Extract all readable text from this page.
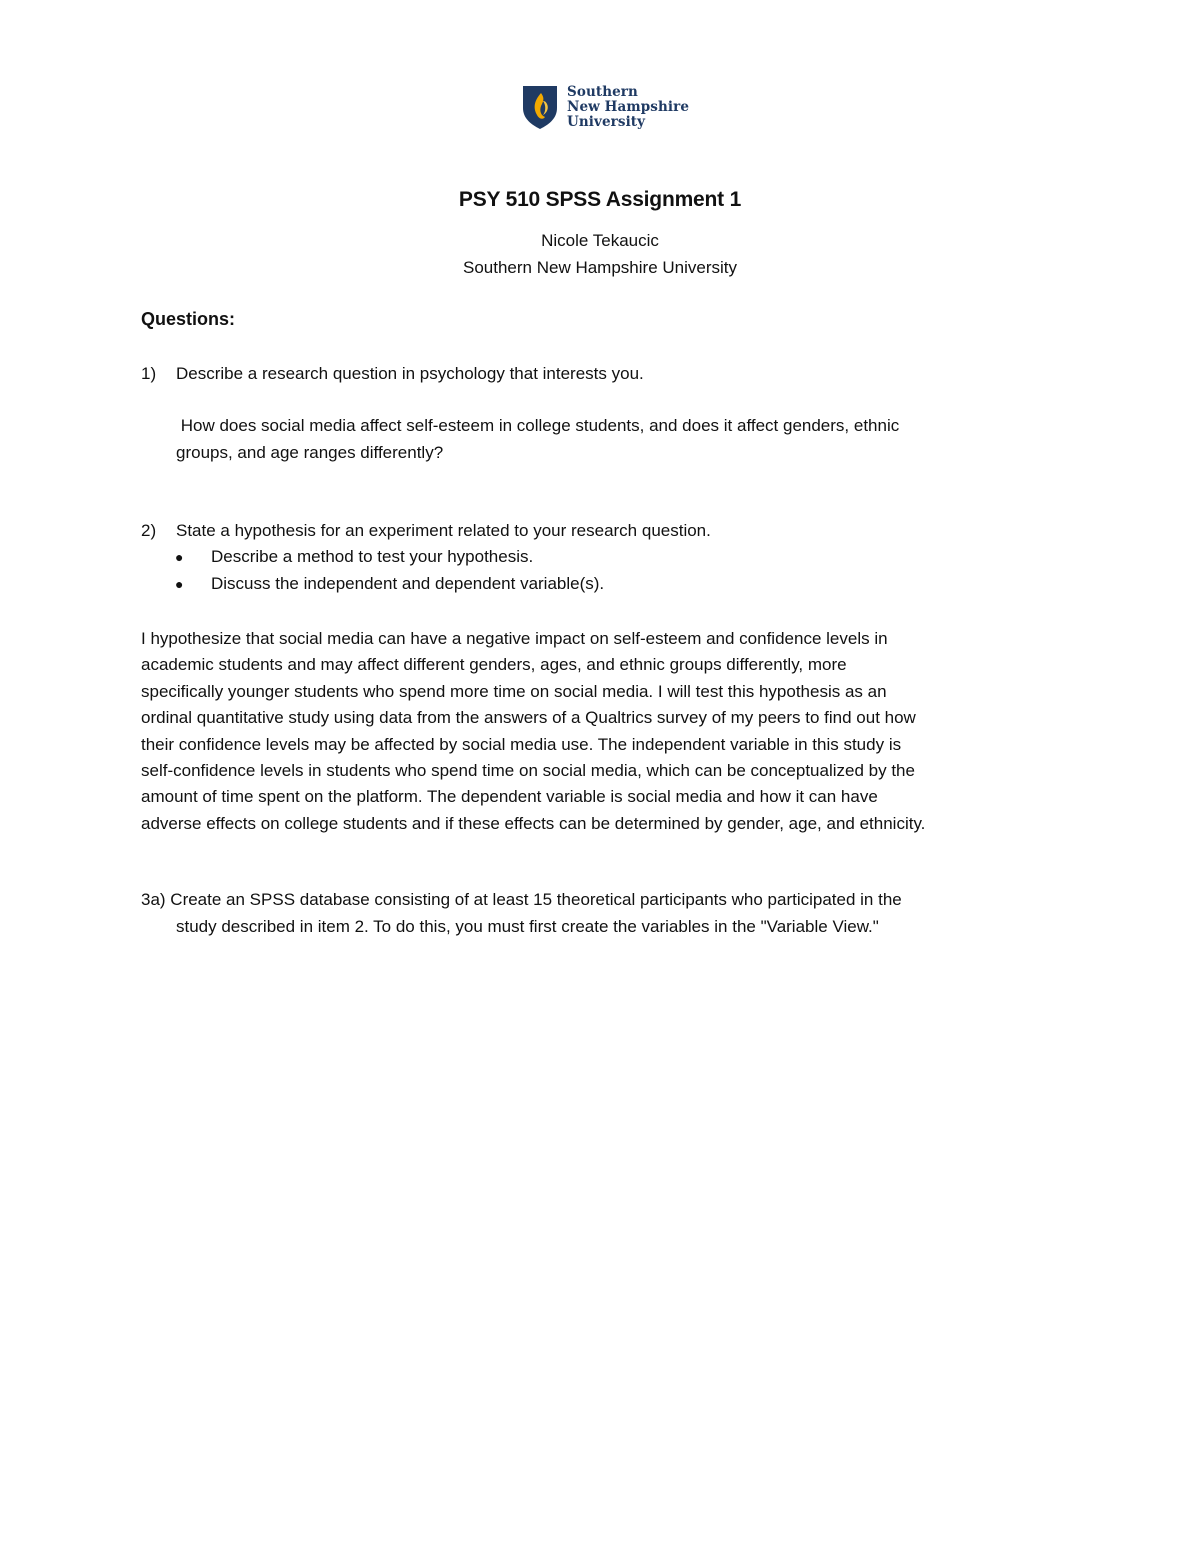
Southern
New Hampshire
University
PSY 510 SPSS Assignment 1
Nicole Tekaucic
Southern New Hampshire University
Questions:
1) Describe a research question in psychology that interests you.
How does social media affect self-esteem in college students, and does it affect genders, ethnic
groups, and age ranges differently?
2) State a hypothesis for an experiment related to your research question.
● Describe a method to test your hypothesis.
● Discuss the independent and dependent variable(s).
I hypothesize that social media can have a negative impact on self-esteem and confidence levels in
academic students and may affect different genders, ages, and ethnic groups differently, more
specifically younger students who spend more time on social media. I will test this hypothesis as an
ordinal quantitative study using data from the answers of a Qualtrics survey of my peers to find out how
their confidence levels may be affected by social media use. The independent variable in this study is
self-confidence levels in students who spend time on social media, which can be conceptualized by the
amount of time spent on the platform. The dependent variable is social media and how it can have
adverse effects on college students and if these effects can be determined by gender, age, and ethnicity.
3a) Create an SPSS database consisting of at least 15 theoretical participants who participated in the
study described in item 2. To do this, you must first create the variables in the "Variable View."
